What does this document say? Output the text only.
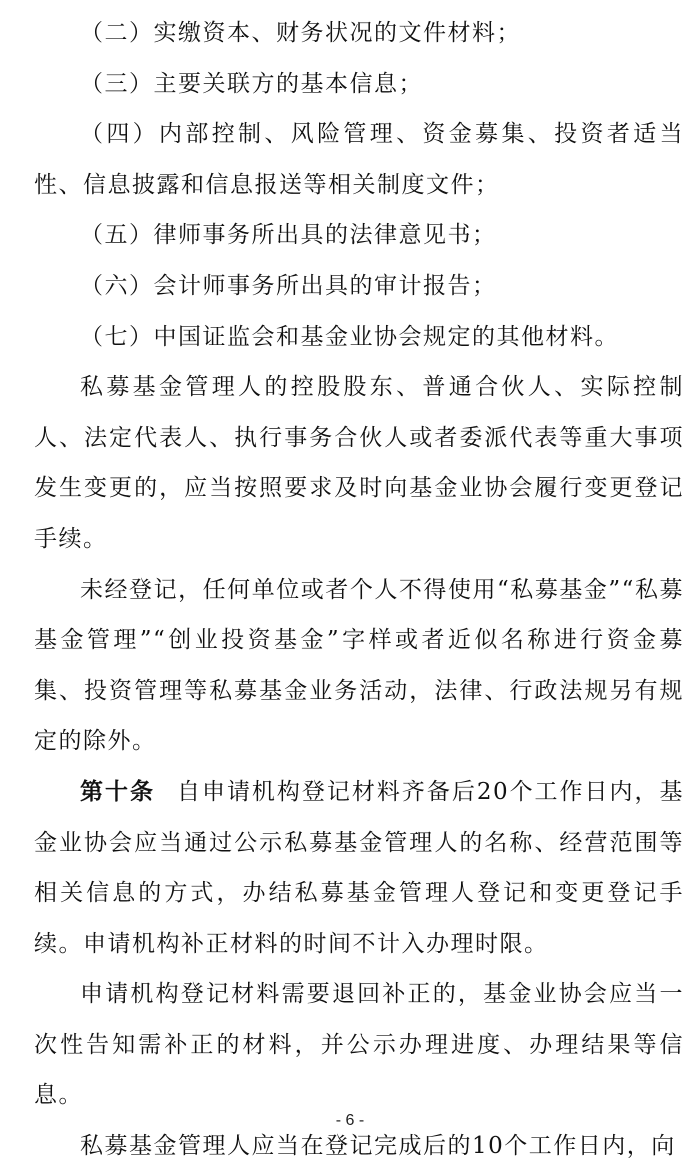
（二）实缴资本、财务状况的文件材料；

（三）主要关联方的基本信息；

（四）内部控制、风险管理、资金募集、投资者适当性、信息披露和信息报送等相关制度文件；

（五）律师事务所出具的法律意见书；

（六）会计师事务所出具的审计报告；

（七）中国证监会和基金业协会规定的其他材料。

私募基金管理人的控股股东、普通合伙人、实际控制人、法定代表人、执行事务合伙人或者委派代表等重大事项发生变更的，应当按照要求及时向基金业协会履行变更登记手续。

未经登记，任何单位或者个人不得使用“私募基金”“私募基金管理”“创业投资基金”字样或者近似名称进行资金募集、投资管理等私募基金业务活动，法律、行政法规另有规定的除外。

第十条 自申请机构登记材料齐备后20个工作日内，基金业协会应当通过公示私募基金管理人的名称、经营范围等相关信息的方式，办结私募基金管理人登记和变更登记手续。申请机构补正材料的时间不计入办理时限。

申请机构登记材料需要退回补正的，基金业协会应当一次性告知需补正的材料，并公示办理进度、办理结果等信息。

私募基金管理人应当在登记完成后的10个工作日内，向

- 6 -
